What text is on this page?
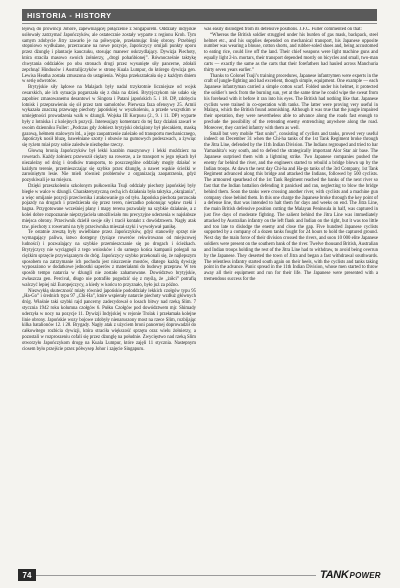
HISTORIA - HISTORY

lejową do prowincji Johore, zapewniającej połączenie z Singapurem. Oddziały indyjskie usiłowały zatrzymać Japończyków, ale ostatecznie zostały wyparte z regionu Kroh. Tym samym zdobycie Jitry zawarło je na półwyspie, przełamując linię obrony. Przebiegi stopniowo wydłużane, przerzucane na nowe pozycje, Japończycy omijali punkty oporu przez dżunglę i plantacje kauczuku, stosując manewr oskrzydlający. Dywizja Piechoty, która stracila masowo swoich żołnierzy, „drogi pohańbionej”. Równocześnie taktykę chwytania oddziałów po obu stronach drogi przez wysunięte siły pancerne, zdołali zepchnąć Hindusów i Australijczyków w stronę Kuala Lumpur, do którego dywizja gen. Lewisa Heatha została zmuszona do ustąpienia. Wojna przekształcała się z każdym dniem w serię odwrotów.

Brytyjskie siły lądowe na Malajach były nadal trzykrotnie liczniejsze od wojsk cesarskich, ale ich sytuacja pogarszała się z dnia na dzień. Brytyjczykom nie udało się zapobiec zmasowanemu desantowi w Singora i Patani japońskich 5. i 18. DP, zdobyciu lotnisk i przeprawieniu się sił przez tam samolotów. Pierwsza faza ofensywy 25. Armii wykazała znaczną przewagę piechoty japońskiej w wyszkoleniu, a przede wszystkim w umiejętności prowadzenia walk w dżungli. Wojska III Korpusu (2., 9. i 11. DP) wyparte były z lotniska i z kolejnych pozycji. Interesujący komentarz do tej fazy działań zawarł w swoim dzienniku Fuller: „Podczas gdy żołnierz brytyjski obciążony był plecakiem, maską gazową, hełmem stalowym itd., a jego zaopatrzenie zależało od transportu mechanicznego, Japończyk nosił bluzę, bawełniane szorty i obuwie na gumowych podeszwach, a żywiąc się ryżem miał przy sobie zaledwie niezbędne rzeczy.

Głowną bronią Japończyków był lekki karabin maszynowy i lekki moździerz na rowerach. Każdy żołnierz przewoził ciężary na rowerze, a że transport w jego rękach był niezależny od dróg i środków transportu, to poszczególne oddziały mogły działać w każdym terenie, przemieszczając się szybko przez dżunglę, a nawet wąskie ścieżki w zarośniętym lesie. Nie mieli również problemów z organizacją zaopatrzenia, gdyż pozyskiwali je na miejscu.

Dzięki przeszkoleniu szkolonym pułkownika Tsuji oddziały piechoty japońskiej były biegłe w walce w dżungli. Charakterystyczną cechą ich działania była taktyka „okrążania”, a więc omijanie pozycji przeciwnika i atakowanie go od tyłu. Japońska piechota porzucała pojazdy na drogach i przedzierała się przez teren, nierzadko pokonując wpław rzeki i bagna. Przygotowane wcześniej plany i mapy terenu pozwalały na szybkie działanie, a z kolei dobre rozpoznanie nieprzyjaciela umożliwiało mu precyzyjne uderzenia w najsłabsze miejsca obrony. Przeciwnik dzielił swoje siły i tracił kontakt z dowództwem. Nagły atak tzw. piechoty z rowerami na tyły przeciwnika mieszał szyki i wywoływał panikę.

Te ostatnie zresztą były uwielbiane przez Japończyków, gdyż stanowiły sprzęt nie wymagający paliwa, łatwo dostępny (tysiące rowerów rekwirowano od miejscowej ludności) i pozwalający na szybkie przemieszczanie się po drogach i ścieżkach. Brytyjczycy nie wyciągnęli z tego wniosków i do samego końca kampanii polegali na ciężkim sprzęcie przywiązanym do dróg. Japończycy szybko przekonali się, że najlepszym sposobem na zatrzymanie ich pochodu jest niszczenie mostów, dlatego każdą dywizję wyposażono w dodatkowe jednostki saperów z materiałami do budowy przepraw. W ten sposób tempo natarcia w dżungli nie zostało zahamowane. Dowództwo brytyjskie, zwłaszcza gen. Percival, długo nie potrafiło pogodzić się z myślą, że „żółci” potrafią walczyć lepiej niż Europejczycy, a kiedy w końcu to przyznało, było już za późno.

Niezwykłą skuteczność miały również japońskie pododdziały lekkich czołgów typu 95 „Ha-Go” i średnich typu 97 „Chi-Ha”, które wspierały natarcie piechoty wzdłuż głównych dróg. Właśnie taki szybki rajd pancerny zadecydował o losach bitwy nad rzeką Slim. 7 stycznia 1942 roku kolumna czołgów 6. Pułku Czołgów pod dowództwem mjr. Shimady uderzyła w nocy na pozycje 11. Dywizji Indyjskiej w rejonie Trolak i przełamała kolejne linie obrony. Japońskie wozy bojowe zdobyły nienaruszony most na rzece Slim, rozbijając kilka batalionów 12. i 28. Brygady. Nagły atak z użyciem broni pancernej doprowadził do całkowitego rozbicia dywizji, która straciła większość sprzętu oraz wielu żołnierzy, a pozostali w rozproszeniu cofali się przez dżunglę na południe. Zwycięstwo nad rzeką Slim otworzyło Japończykom drogę na Kuala Lumpur, które zajęli 11 stycznia. Nastepnym ciosem było przejście przez półwysep Johor i zajęcie Singapuru.

was easily dislodged from its defensive positions. J.F.C. Fuller commented on that:

“Whereas the British soldier struggled under his burden of gas mask, backpack, steel helmet etc., and his supplies depended on mechanical transport, his Japanese opposite number was wearing a blouse, cotton shorts, and rubber-soled shoes and, being accustomed to eating rice, could live off the land. Their chief weapons were light machine guns and equally light 2-in. mortars, their transport depended mostly on bicycles and small, two-man carts — exactly the same as the carts that their forefathers had hauled across Manchuria thirty seven years earlier.”

Thanks to Colonel Tsuji’s training procedures, Japanese infantrymen were experts in the craft of jungle-fighting and had excellent, though simple, equipment. One example — each Japanese infantryman carried a simple cotton scarf. Folded under his helmet, it protected the soldier’s neck from the burning sun, yet at the same time he could wipe the sweat from his forehead with it before it ran into his eyes. The British had nothing like that. Japanese cyclists were trained in co-operation with tanks. The latter were proving very useful in Malaya, which the British found astonishing. Although it was true that the jungle impaired their operation, they were nevertheless able to advance along the roads fast enough to preclude the possibility of the retreating enemy entrenching anywhere along the road. Moreover, they carried infantry with them as well.

Small but very mobile “fast units”, consisting of cyclists and tanks, proved very useful indeed: on December 31 when the Chi-ha tanks of the 1st Tank Regiment broke through the Jitra Line, defended by the 11th Indian Division. The Indians regrouped and tried to bar Yamashita’s way south, and to defend the strategically important Alor Star air base. The Japanese surprised them with a lightning strike. Two Japanese companies pushed the enemy far behind the river, and the engineers started to rebuild a bridge blown up by the Indian troops. At dawn the next day Chi-ha and Ha-go tanks of the 3rd Company, 1st Tank Regiment advanced along this bridge and attacked the Indians, followed by 500 cyclists. The armoured spearhead of the 1st Tank Regiment reached the banks of the next river so fast that the Indian battalion defending it panicked and ran, neglecting to blow the bridge behind them. Soon the tanks were crossing another river, with cyclists and a machine gun company close behind them. In this one charge the Japanese broke through the key point of a defense line, that was intended to halt them for days and weeks on end. The Jitra Line, the main British defensive position cutting the Malayan Peninsula in half, was captured in just five days of moderate fighting. The salient behind the Jitra Line was immediately attacked by Australian infantry on the left flank and Indian on the right, but it was too little and too late to dislodge the enemy and close the gap. Five hundred Japanese cyclists supported by a company of a dozen tanks fought for 24 hours to hold the captured ground. Next day the main force of their division crossed the rivers, and soon 10 000 elite Japanese soldiers were present on the southern bank of the river. Twelve thousand British, Australian and Indian troops holding the rest of the Jitra Line had to withdraw, to avoid being overrun by the Japanese. They deserted the town of Jitra and began a fast withdrawal southwards. The relentless infantry started south again on their heels, with the cyclists and tanks taking point in the advance. Panic spread in the 11th Indian Division, whose men started to throw away all their equipment and run for their life. The Japanese were presented with a tremendous success for the

74	TANK POWER
